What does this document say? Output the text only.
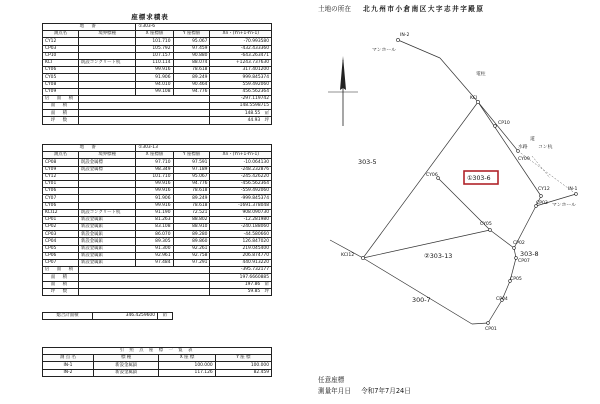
座標求積表
地 番		①303-6		
測点名	境界標種	X 座標値	Y 座標値	Xn・(Yn+1-Yn-1)
CY12		101.710	95.067	-70.993580
CP03		105.792	97.459	-432.433360
CP10		107.157	90.880	-643.263471
KCI	既設コンクリート杭	110.114	88.074	+1243.737630
CY06		99.916	78.618	317.401200
CY05		91.906	89.249	999.845374
CY08		94.010	90.464	559.492060
CY09		99.108	94.776	456.562364
倍 面 積				-297.119742
面 積				148.5598715
面 積				148.55 ㎡
坪 数				44.93 坪
地 番		②303-13		
測点名	境界標種	X 座標値	Y 座標値	Xn・(Yn+1-Yn-1)
CP08	既設金属標	97.710	97.591	-10.064130
CY09	既設金属標	98.349	97.189	-248.232876
CY12		101.710	95.067	-245.426220
CY01		99.916	94.776	-456.562364
CY06		99.916	78.618	-559.492060
CY07		91.906	89.249	-999.845374
CY06		99.916	78.618	-1691.378048
KCI12	既設コンクリート杭	91.190	72.521	908.090730
CP01	新設金属鋲	81.263	88.802	-12.281980
CP02	新設金属鋲	83.108	88.910	-240.188060
CP03	新設金属鋲	86.070	89.280	-44.580660
CP04	新設金属鋲	89.305	89.860	126.847020
CP05	新設金属鋲	91.300	92.261	219.045400
CP06	新設金属鋲	92.961	92.758	206.874770
CP07	新設金属鋲	97.484	97.291	440.913220
倍 面 積				-395.732177
面 積				197.6660885
面 積				197.86 ㎡
坪 数				59.85 坪
総合計面積	346.4259600	㎡	
引 照 点 座 標 一 覧 表			
測 点 名	標 種	X 座 標	Y 座 標
IN-1	新設金属鋲	100.000	100.000
IN-2	新設金属鋲	117.126	82.459
土地の所在 北九州市小倉南区大字志井字殿原
IN-2
KCI
CP10
CY06
CY05
CY09
CY12	IN-1
CP03
CP02
CP07
CP05
CP04
CP01
KCI12
マンホール
電柱
道
水路 コン杭
マンホール
303-5
303-8
300-7
②303-13
①303-6
任意座標
測量年月日 令和7年7月24日
